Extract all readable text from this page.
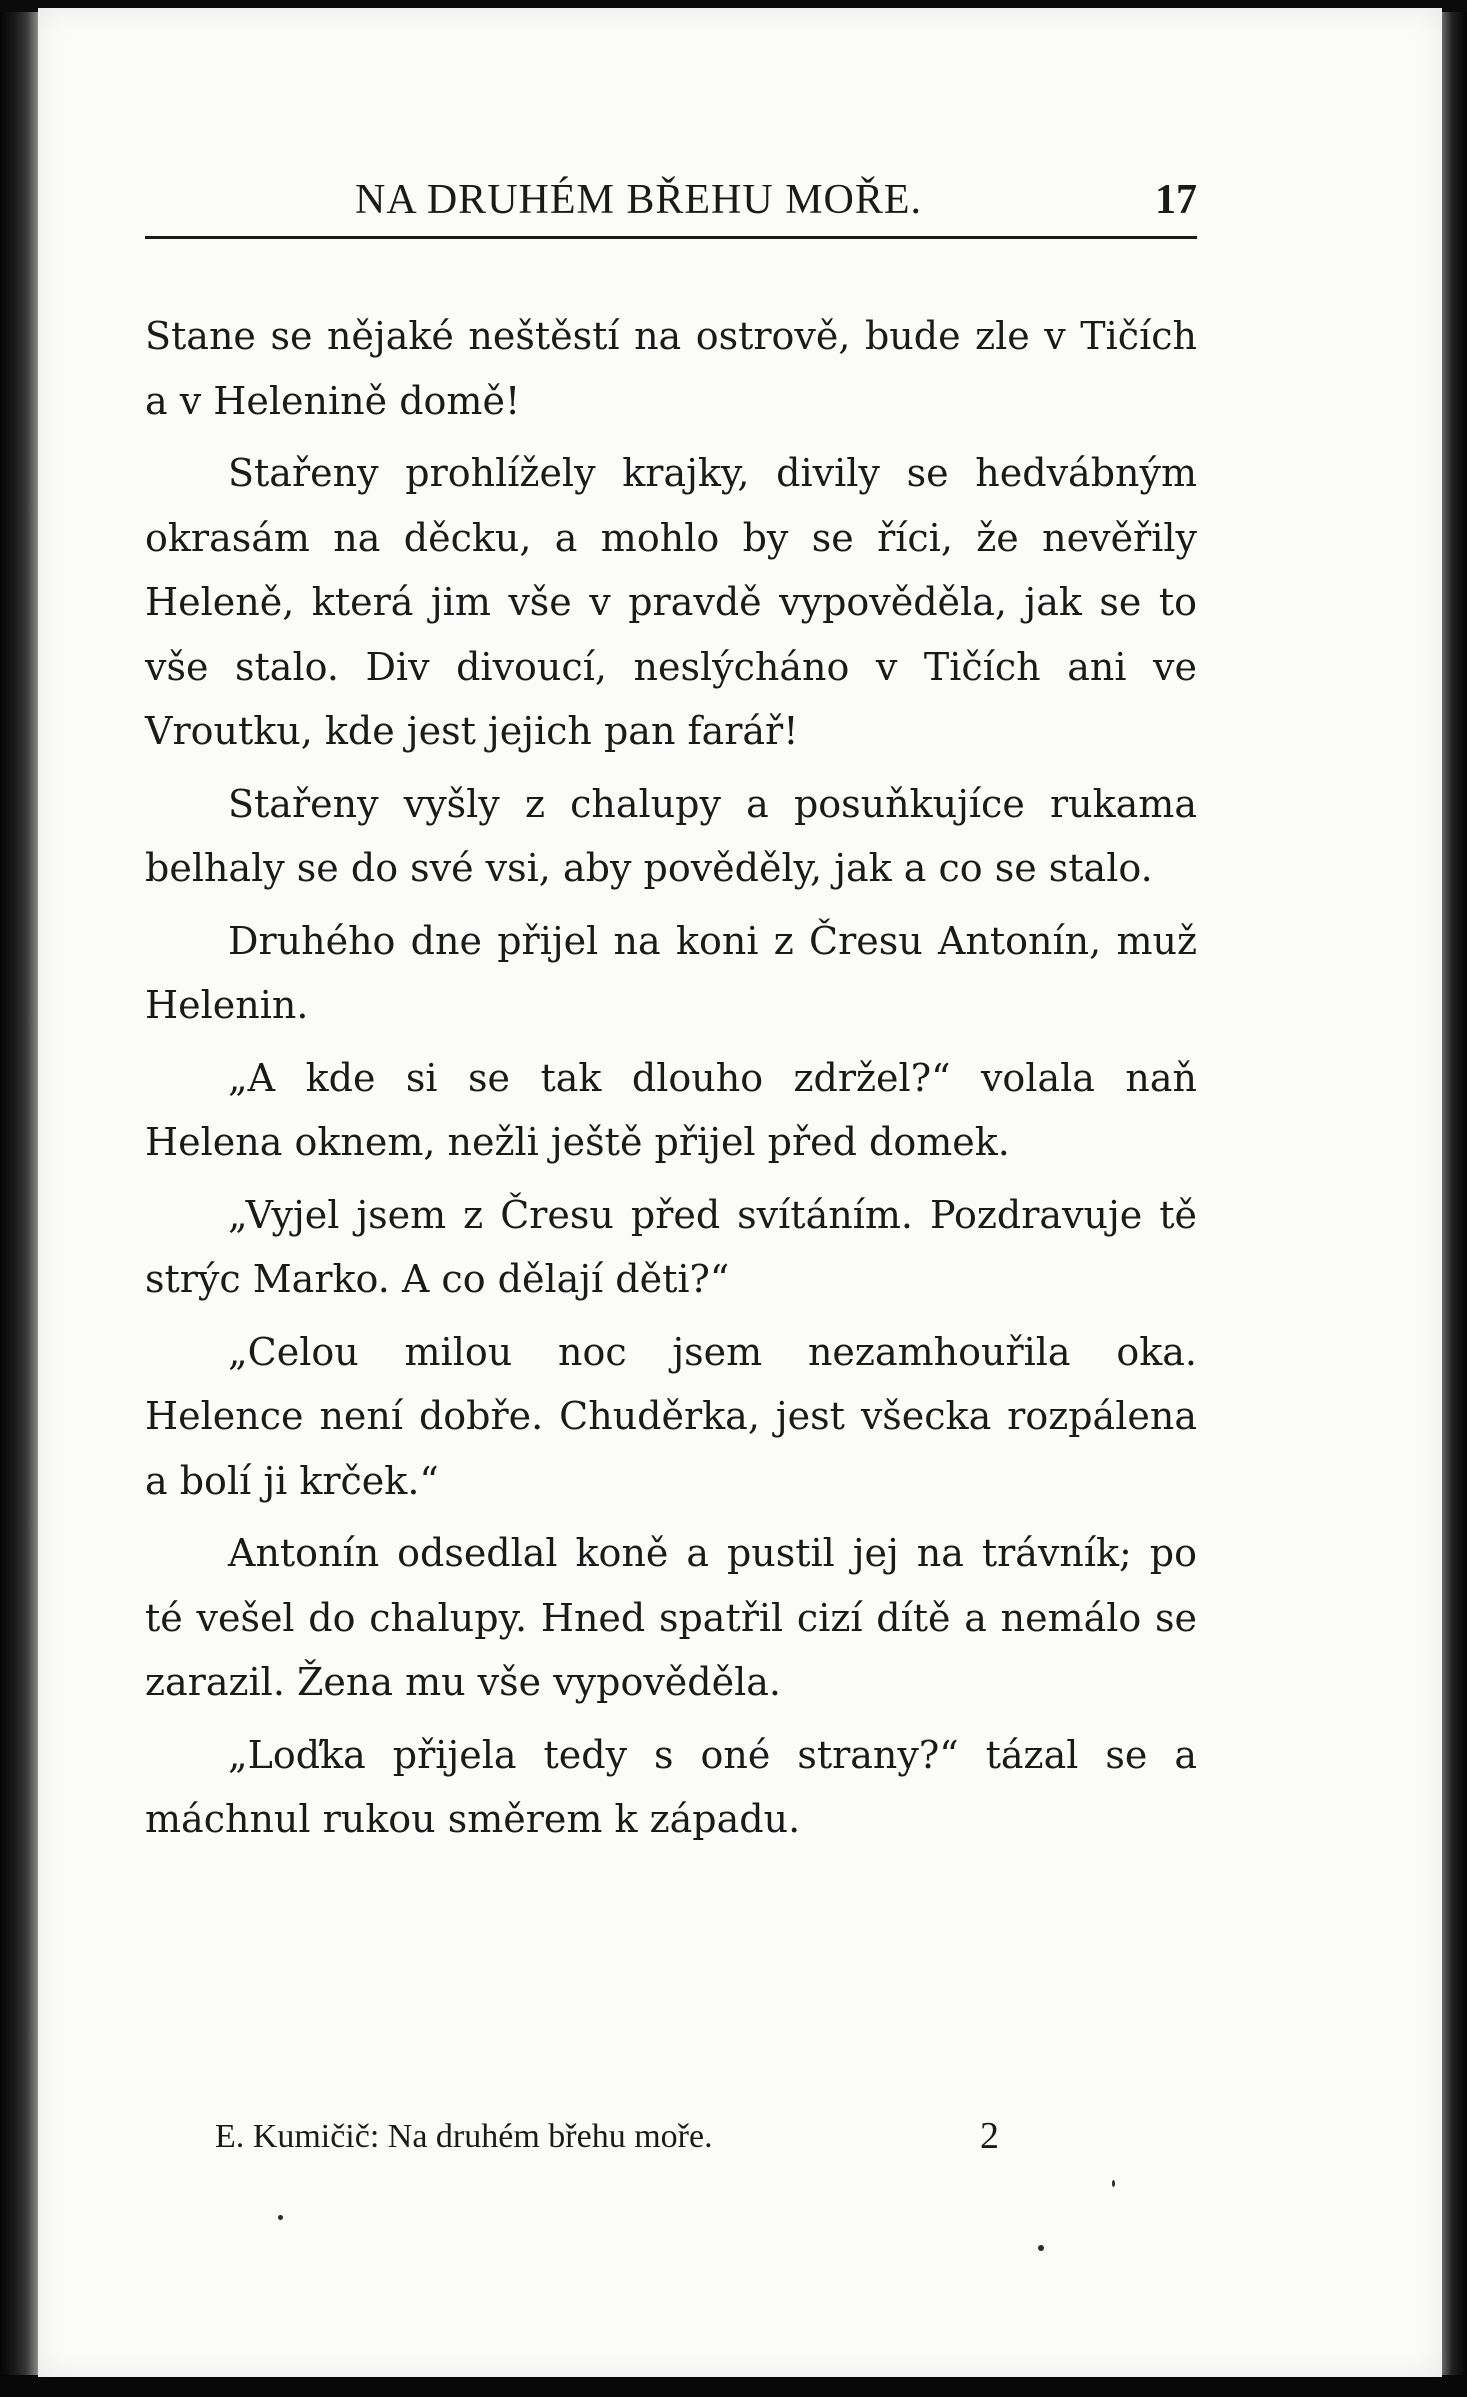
NA DRUHÉM BŘEHU MOŘE.	17

Stane se nějaké neštěstí na ostrově, bude zle v Tičích a v Helenině domě!

Stařeny prohlížely krajky, divily se hedvábným okrasám na děcku, a mohlo by se říci, že nevěřily Heleně, která jim vše v pravdě vypověděla, jak se to vše stalo. Div divoucí, neslýcháno v Tičích ani ve Vroutku, kde jest jejich pan farář!

Stařeny vyšly z chalupy a posuňkujíce rukama belhaly se do své vsi, aby pověděly, jak a co se stalo.

Druhého dne přijel na koni z Čresu Antonín, muž Helenin.

„A kde si se tak dlouho zdržel?“ volala naň Helena oknem, nežli ještě přijel před domek.

„Vyjel jsem z Čresu před svítáním. Pozdravuje tě strýc Marko. A co dělají děti?“

„Celou milou noc jsem nezamhouřila oka. Helence není dobře. Chuděrka, jest všecka rozpálena a bolí ji krček.“

Antonín odsedlal koně a pustil jej na trávník; po té vešel do chalupy. Hned spatřil cizí dítě a nemálo se zarazil. Žena mu vše vypověděla.

„Loďka přijela tedy s oné strany?“ tázal se a máchnul rukou směrem k západu.

E. Kumičič: Na druhém břehu moře.	2
